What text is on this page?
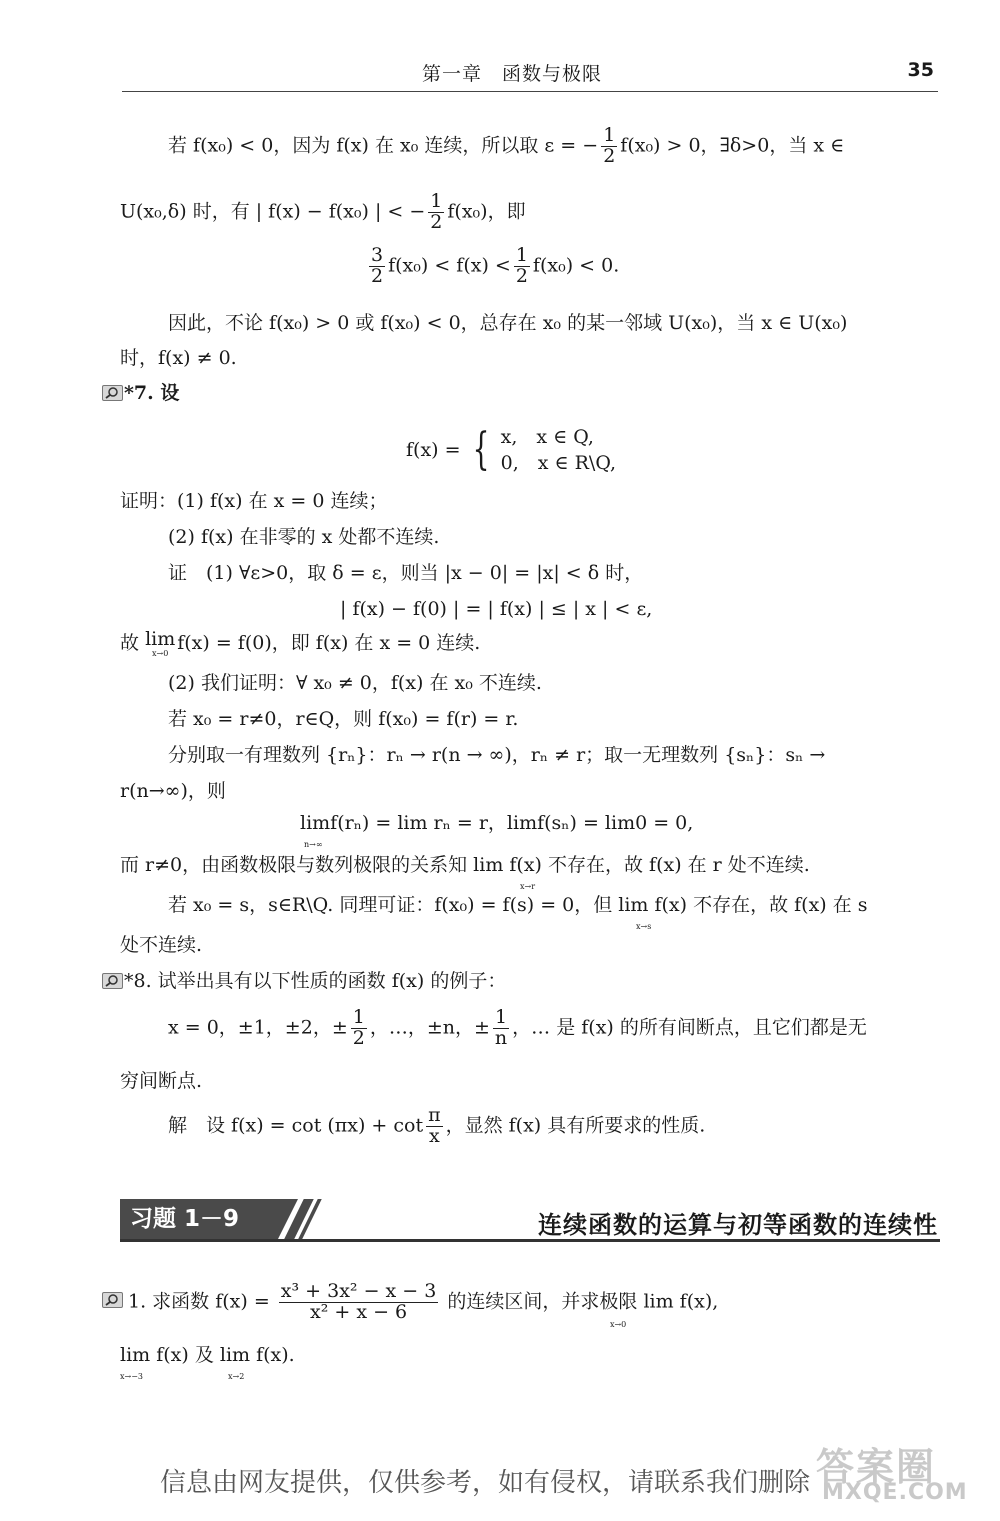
第一章　函数与极限	35
若 f(x₀) < 0，因为 f(x) 在 x₀ 连续，所以取 ε = − $\frac{1}{2} f(x_0) > 0$，∃δ>0，当 x ∈
U(x₀,δ) 时，有 | f(x) − f(x₀) | < − $\frac{1}{2} f(x_0)$，即
$\frac{3}{2} f(x_0) < f(x) < \frac{1}{2} f(x_0) < 0$.
因此，不论 f(x₀) > 0 或 f(x₀) < 0，总存在 x₀ 的某一邻域 U(x₀)，当 x ∈ U(x₀)
时，f(x) ≠ 0.
*7. 设
f(x) = { x,　x ∈ Q,
0,　x ∈ R\Q,
证明：(1) f(x) 在 x = 0 连续；
(2) f(x) 在非零的 x 处都不连续.
证　(1) ∀ε>0，取 δ = ε，则当 |x − 0| = |x| < δ 时，
| f(x) − f(0) | = | f(x) | ≤ | x | < ε,
故 lim
x→0 f(x) = f(0)，即 f(x) 在 x = 0 连续.
(2) 我们证明：∀ x₀ ≠ 0，f(x) 在 x₀ 不连续.
若 x₀ = r≠0，r∈Q，则 f(x₀) = f(r) = r.
分别取一有理数列 {rₙ}：rₙ → r(n → ∞)，rₙ ≠ r；取一无理数列 {sₙ}：sₙ →
r(n→∞)，则
limf(rₙ) = lim rₙ = r，limf(sₙ) = lim0 = 0,
n→∞
而 r≠0，由函数极限与数列极限的关系知 lim f(x) 不存在，故 f(x) 在 r 处不连续.
x→r
若 x₀ = s，s∈R\Q. 同理可证：f(x₀) = f(s) = 0，但 lim f(x) 不存在，故 f(x) 在 s
x→s
处不连续.
*8. 试举出具有以下性质的函数 f(x) 的例子：
x = 0，±1，±2，± $\frac{1}{2}$ ，…，±n，± $\frac{1}{n}$ ，… 是 f(x) 的所有间断点，且它们都是无
穷间断点.
解　设 $f(x) = \cot (\pi x) + \cot \frac{\pi}{x}$ ，显然 f(x) 具有所要求的性质.
习题 1－9	连续函数的运算与初等函数的连续性
1. 求函数 $f(x) = \frac{\text{x³ + 3x² − x − 3}}{\text{x² + x − 6}}$ 的连续区间，并求极限 lim f(x),
x→0
lim f(x) 及 lim f(x).
x→−3	x→2
信息由网友提供，仅供参考，如有侵权，请联系我们删除 答案圈
MXQE.COM
